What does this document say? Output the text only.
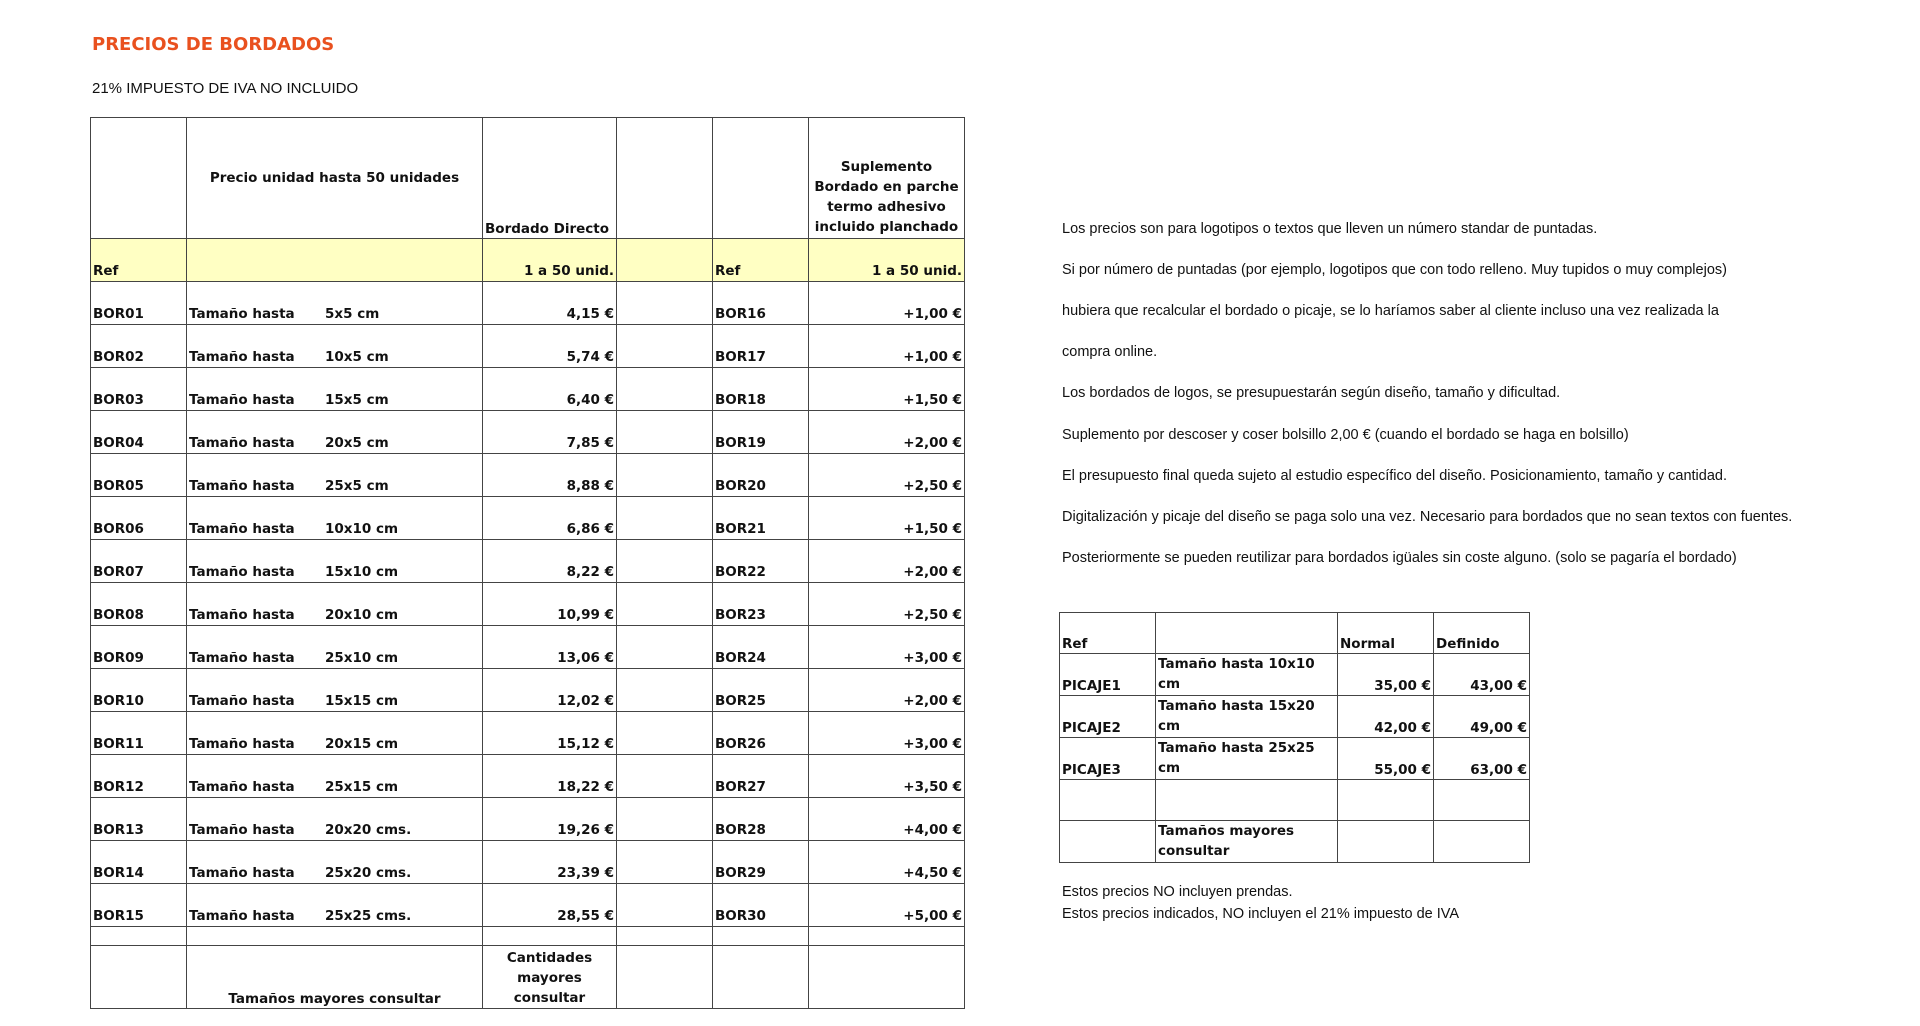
PRECIOS DE BORDADOS
21% IMPUESTO DE IVA NO INCLUIDO
	Precio unidad hasta 50 unidades	Bordado Directo			Suplemento Bordado en parche termo adhesivo incluido planchado
Ref		1 a 50 unid.		Ref	1 a 50 unid.
BOR01	Tamaño hasta 5x5 cm	4,15 €		BOR16	+1,00 €
BOR02	Tamaño hasta 10x5 cm	5,74 €		BOR17	+1,00 €
BOR03	Tamaño hasta 15x5 cm	6,40 €		BOR18	+1,50 €
BOR04	Tamaño hasta 20x5 cm	7,85 €		BOR19	+2,00 €
BOR05	Tamaño hasta 25x5 cm	8,88 €		BOR20	+2,50 €
BOR06	Tamaño hasta 10x10 cm	6,86 €		BOR21	+1,50 €
BOR07	Tamaño hasta 15x10 cm	8,22 €		BOR22	+2,00 €
BOR08	Tamaño hasta 20x10 cm	10,99 €		BOR23	+2,50 €
BOR09	Tamaño hasta 25x10 cm	13,06 €		BOR24	+3,00 €
BOR10	Tamaño hasta 15x15 cm	12,02 €		BOR25	+2,00 €
BOR11	Tamaño hasta 20x15 cm	15,12 €		BOR26	+3,00 €
BOR12	Tamaño hasta 25x15 cm	18,22 €		BOR27	+3,50 €
BOR13	Tamaño hasta 20x20 cms.	19,26 €		BOR28	+4,00 €
BOR14	Tamaño hasta 25x20 cms.	23,39 €		BOR29	+4,50 €
BOR15	Tamaño hasta 25x25 cms.	28,55 €		BOR30	+5,00 €

	Tamaños mayores consultar	Cantidades mayores consultar			
Los precios son para logotipos o textos que lleven un número standar de puntadas.
Si por número de puntadas (por ejemplo, logotipos que con todo relleno. Muy tupidos o muy complejos)
hubiera que recalcular el bordado o picaje, se lo haríamos saber al cliente incluso una vez realizada la
compra online.
Los bordados de logos, se presupuestarán según diseño, tamaño y dificultad.
Suplemento por descoser y coser bolsillo 2,00 € (cuando el bordado se haga en bolsillo)
El presupuesto final queda sujeto al estudio específico del diseño. Posicionamiento, tamaño y cantidad.
Digitalización y picaje del diseño se paga solo una vez. Necesario para bordados que no sean textos con fuentes.
Posteriormente se pueden reutilizar para bordados igüales sin coste alguno. (solo se pagaría el bordado)
Ref		Normal	Definido
PICAJE1	Tamaño hasta 10x10 cm	35,00 €	43,00 €
PICAJE2	Tamaño hasta 15x20 cm	42,00 €	49,00 €
PICAJE3	Tamaño hasta 25x25 cm	55,00 €	63,00 €

	Tamaños mayores consultar		
Estos precios NO incluyen prendas.
Estos precios indicados, NO incluyen el 21% impuesto de IVA
